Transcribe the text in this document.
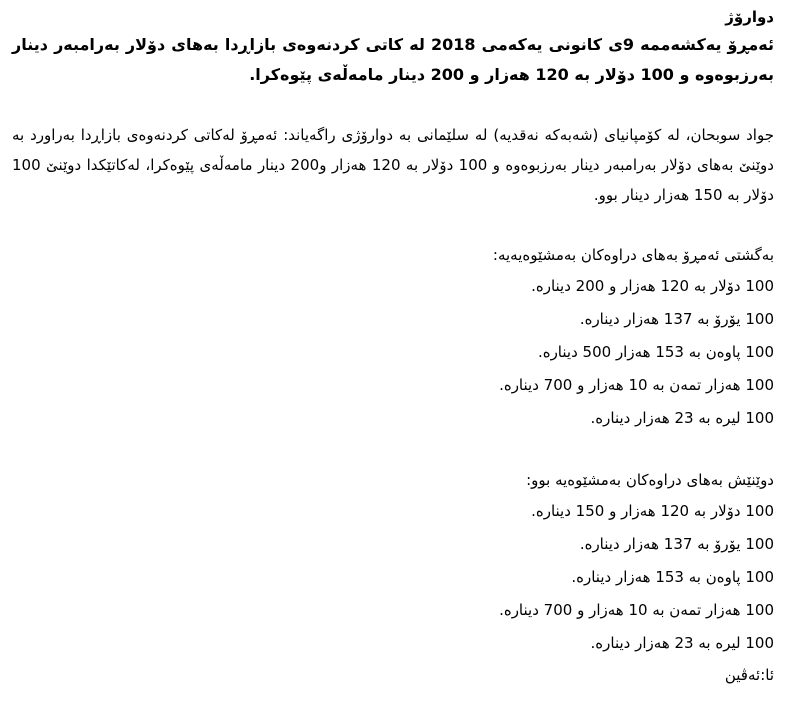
دوارۆژ

ئەمڕۆ یەکشەممە 9ی کانونی یەکەمی 2018 لە کاتی کردنەوەی بازاڕدا بەهای دۆلار بەرامبەر دینار بەرزبوەوە و 100 دۆلار بە 120 هەزار و 200 دینار مامەڵەی پێوەکرا.

جواد سوبحان، لە کۆمپانیای (شەبەکە نەقدیە) لە سلێمانی بە دوارۆژی راگەیاند: ئەمڕۆ لەکاتی کردنەوەی بازاڕدا بەراورد بە دوێنێ بەهای دۆلار بەرامبەر دینار بەرزبوەوە و 100 دۆلار بە 120 هەزار و200 دینار مامەڵەی پێوەکرا، لەکاتێکدا دوێنێ 100 دۆلار بە 150 هەزار دینار بوو.

بەگشتی ئەمڕۆ بەهای دراوەکان بەمشێوەیەیە:

100 دۆلار بە 120 هەزار و 200 دینارە.
100 یۆرۆ بە 137 هەزار دینارە.
100 پاوەن بە 153 هەزار 500 دینارە.
100 هەزار تمەن بە 10 هەزار و 700 دینارە.
100 لیرە بە 23 هەزار دینارە.

دوێنێش بەهای دراوەکان بەمشێوەیە بوو:

100 دۆلار بە 120 هەزار و 150 دینارە.
100 یۆرۆ بە 137 هەزار دینارە.
100 پاوەن بە 153 هەزار دینارە.
100 هەزار تمەن بە 10 هەزار و 700 دینارە.
100 لیرە بە 23 هەزار دینارە.

ئا:ئەڤین
